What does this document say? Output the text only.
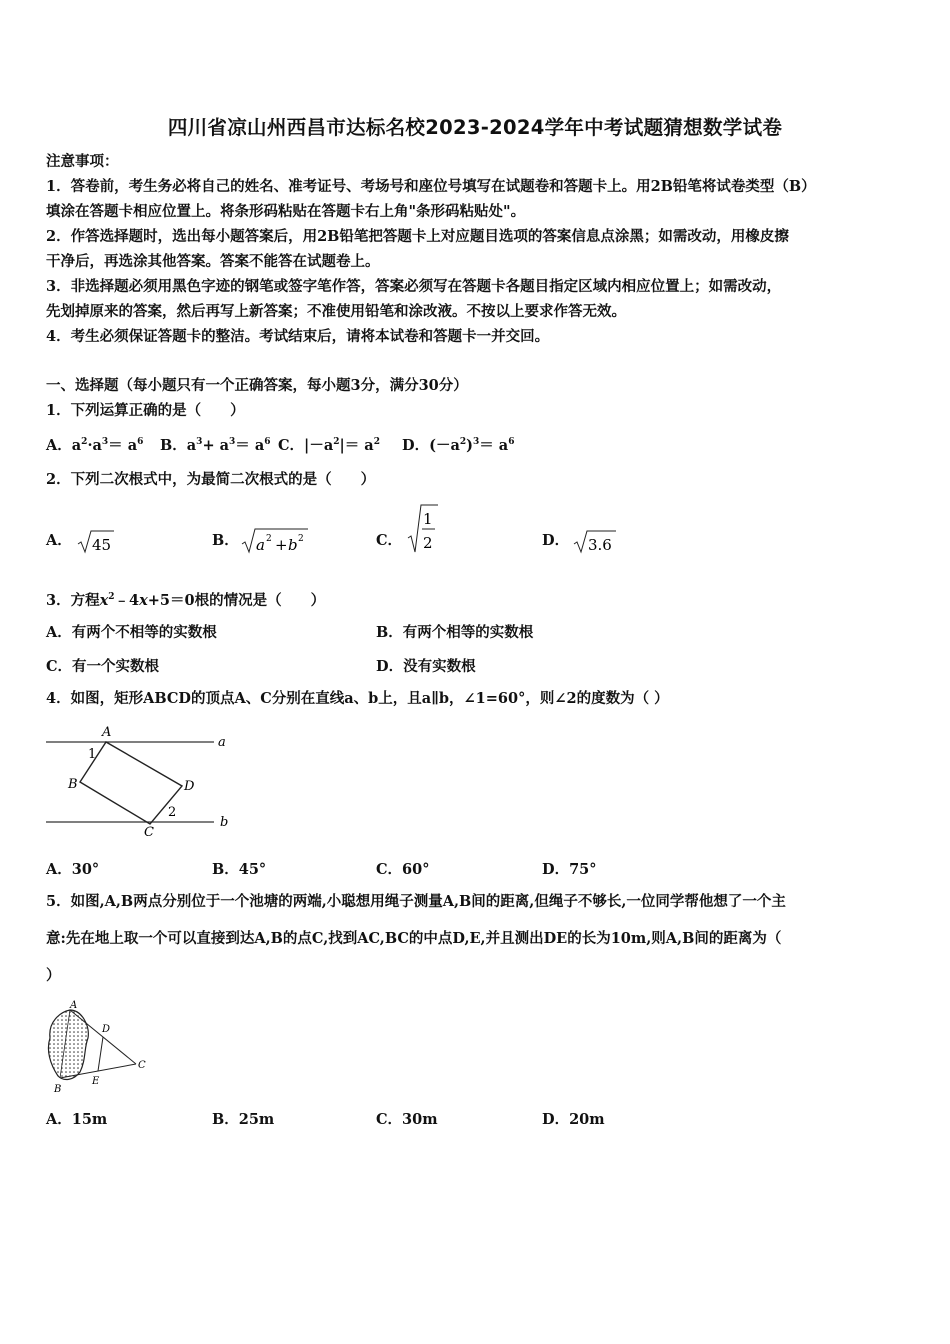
四川省凉山州西昌市达标名校2023-2024学年中考试题猜想数学试卷
注意事项：
1．答卷前，考生务必将自己的姓名、准考证号、考场号和座位号填写在试题卷和答题卡上。用2B铅笔将试卷类型（B）
填涂在答题卡相应位置上。将条形码粘贴在答题卡右上角"条形码粘贴处"。
2．作答选择题时，选出每小题答案后，用2B铅笔把答题卡上对应题目选项的答案信息点涂黑；如需改动，用橡皮擦
干净后，再选涂其他答案。答案不能答在试题卷上。
3．非选择题必须用黑色字迹的钢笔或签字笔作答，答案必须写在答题卡各题目指定区域内相应位置上；如需改动，
先划掉原来的答案，然后再写上新答案；不准使用铅笔和涂改液。不按以上要求作答无效。
4．考生必须保证答题卡的整洁。考试结束后，请将本试卷和答题卡一并交回。
一、选择题（每小题只有一个正确答案，每小题3分，满分30分）
1．下列运算正确的是（　　）
A．$a^2\cdot a^3= a^6$ B．$a^3+ a^3= a^6$ C．$|-a^2|= a^2$ D．$(-a^2)^3= a^6$
2．下列二次根式中，为最简二次根式的是（　　）
A． 45	B． a 2 + b 2	C．
1
2	D． 3.6
3．方程$x^2﹣4x+5=0$根的情况是（　　）
A．有两个不相等的实数根	B．有两个相等的实数根
C．有一个实数根	D．没有实数根
4．如图，矩形ABCD的顶点A、C分别在直线a、b上，且a∥b，∠1=60°，则∠2的度数为（ ）
A
B
C
D
a
b
1
2
A．30°	B．45°	C．60°	D．75°
5．如图,A,B两点分别位于一个池塘的两端,小聪想用绳子测量A,B间的距离,但绳子不够长,一位同学帮他想了一个主
意:先在地上取一个可以直接到达A,B的点C,找到AC,BC的中点D,E,并且测出DE的长为10m,则A,B间的距离为（
）
A
B
C
D
E
A．15m	B．25m	C．30m	D．20m
